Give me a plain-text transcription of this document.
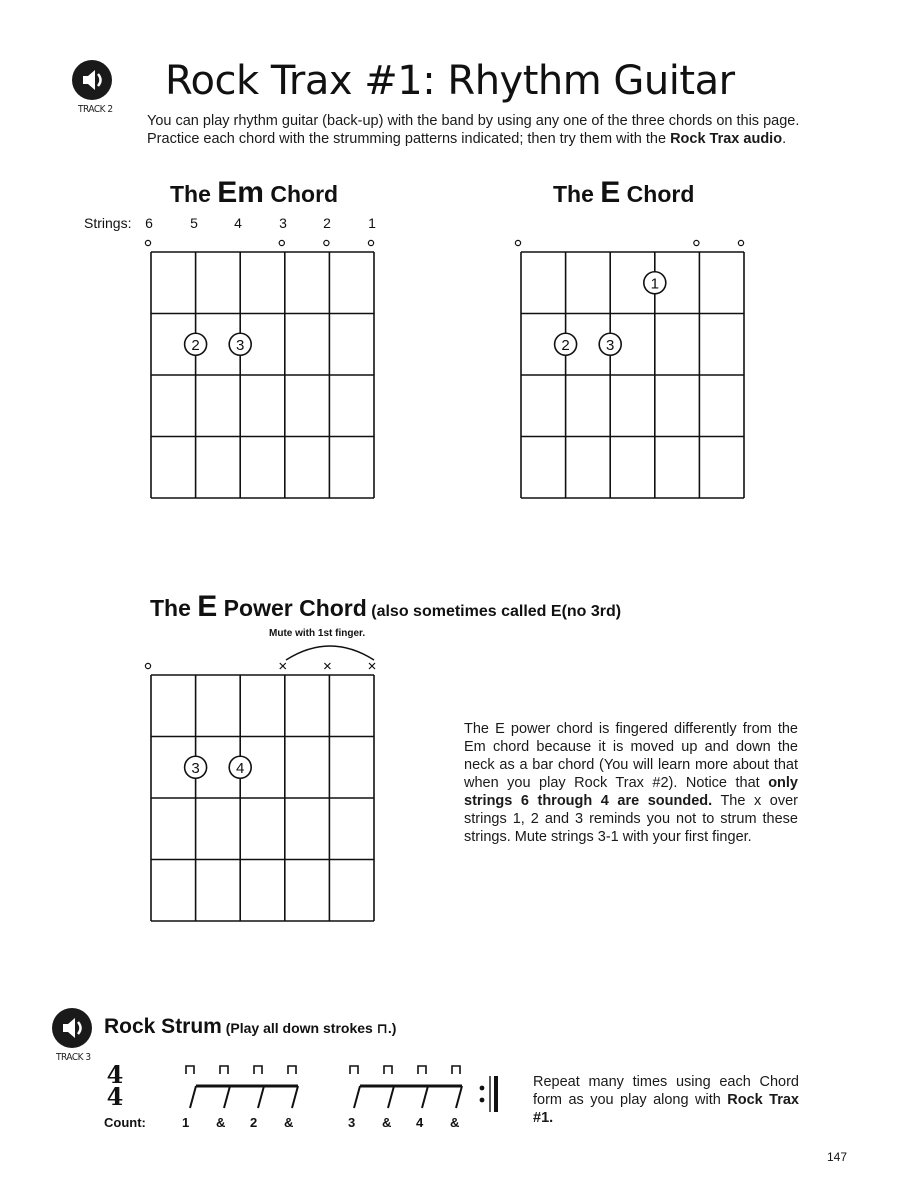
TRACK 2
Rock Trax #1: Rhythm Guitar
You can play rhythm guitar (back-up) with the band by using any one of the three chords on this page. Practice each chord with the strumming patterns indicated; then try them with the Rock Trax audio.
The Em Chord
Strings: 6	5	4	3	2	1
2 3
The E Chord
1
2 3
The E Power Chord (also sometimes called E(no 3rd)
Mute with 1st finger.
3 4
The E power chord is fingered differently from the Em chord because it is moved up and down the neck as a bar chord (You will learn more about that when you play Rock Trax #2). Notice that only strings 6 through 4 are sounded. The x over strings 1, 2 and 3 reminds you not to strum these strings. Mute strings 3-1 with your first finger.
TRACK 3
Rock Strum (Play all down strokes ⊓.)
4
4
Count:	1 & 2 &	3 & 4 &
Repeat many times using each Chord form as you play along with Rock Trax #1.
147
